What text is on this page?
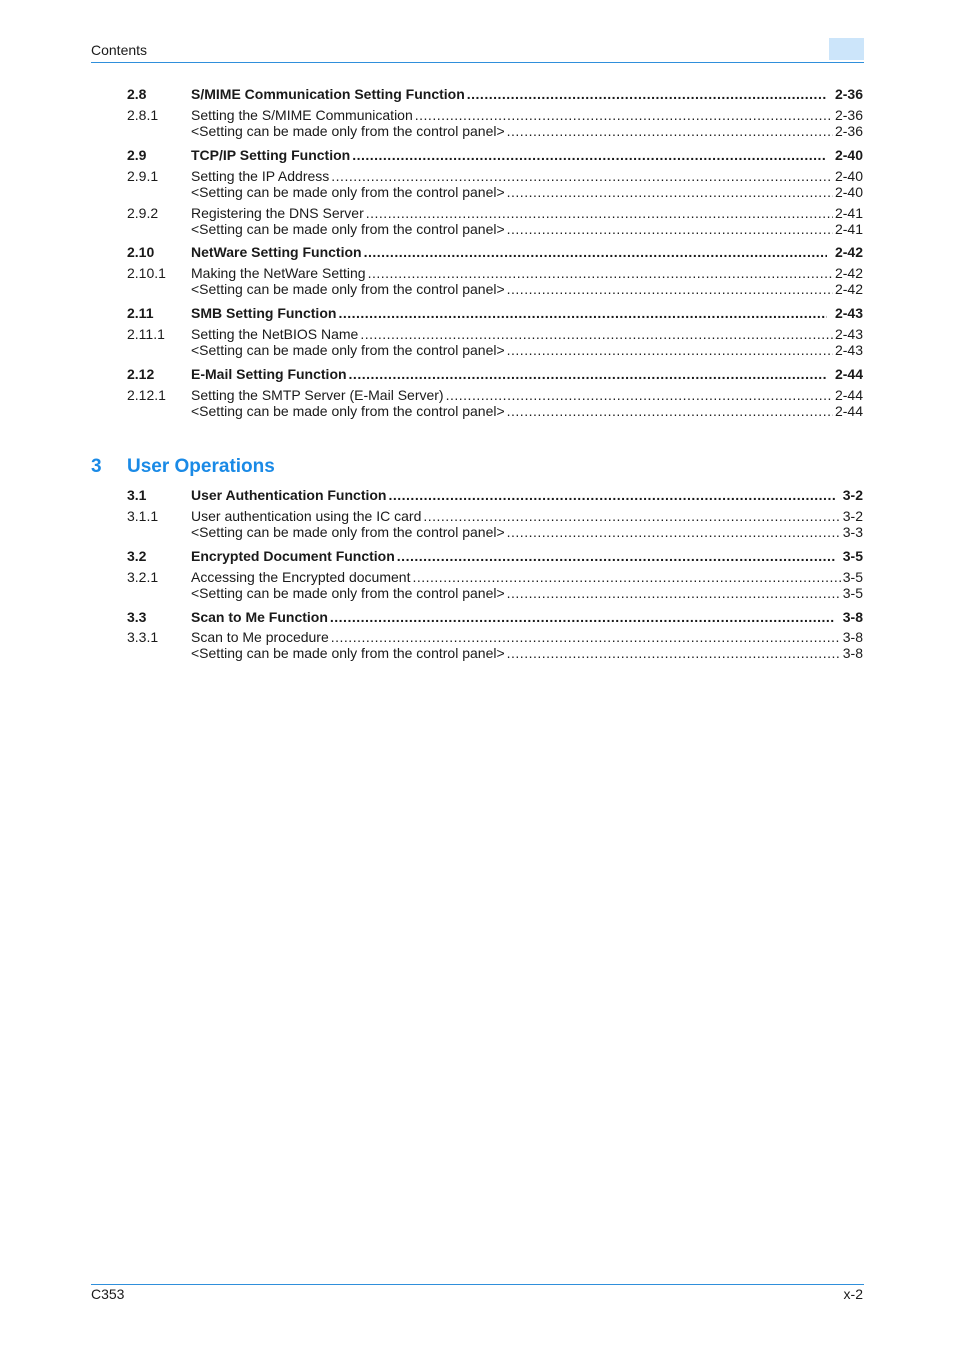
Contents
2.8	S/MIME Communication Setting Function .....	2-36
2.8.1	Setting the S/MIME Communication .....	2-36
<Setting can be made only from the control panel> .....	2-36
2.9	TCP/IP Setting Function .....	2-40
2.9.1	Setting the IP Address .....	2-40
<Setting can be made only from the control panel> .....	2-40
2.9.2	Registering the DNS Server .....	2-41
<Setting can be made only from the control panel> .....	2-41
2.10	NetWare Setting Function .....	2-42
2.10.1	Making the NetWare Setting .....	2-42
<Setting can be made only from the control panel> .....	2-42
2.11	SMB Setting Function .....	2-43
2.11.1	Setting the NetBIOS Name .....	2-43
<Setting can be made only from the control panel> .....	2-43
2.12	E-Mail Setting Function .....	2-44
2.12.1	Setting the SMTP Server (E-Mail Server) .....	2-44
<Setting can be made only from the control panel> .....	2-44
3	User Operations
3.1	User Authentication Function .....	3-2
3.1.1	User authentication using the IC card .....	3-2
<Setting can be made only from the control panel> .....	3-3
3.2	Encrypted Document Function .....	3-5
3.2.1	Accessing the Encrypted document .....	3-5
<Setting can be made only from the control panel> .....	3-5
3.3	Scan to Me Function .....	3-8
3.3.1	Scan to Me procedure .....	3-8
<Setting can be made only from the control panel> .....	3-8
C353	x-2
